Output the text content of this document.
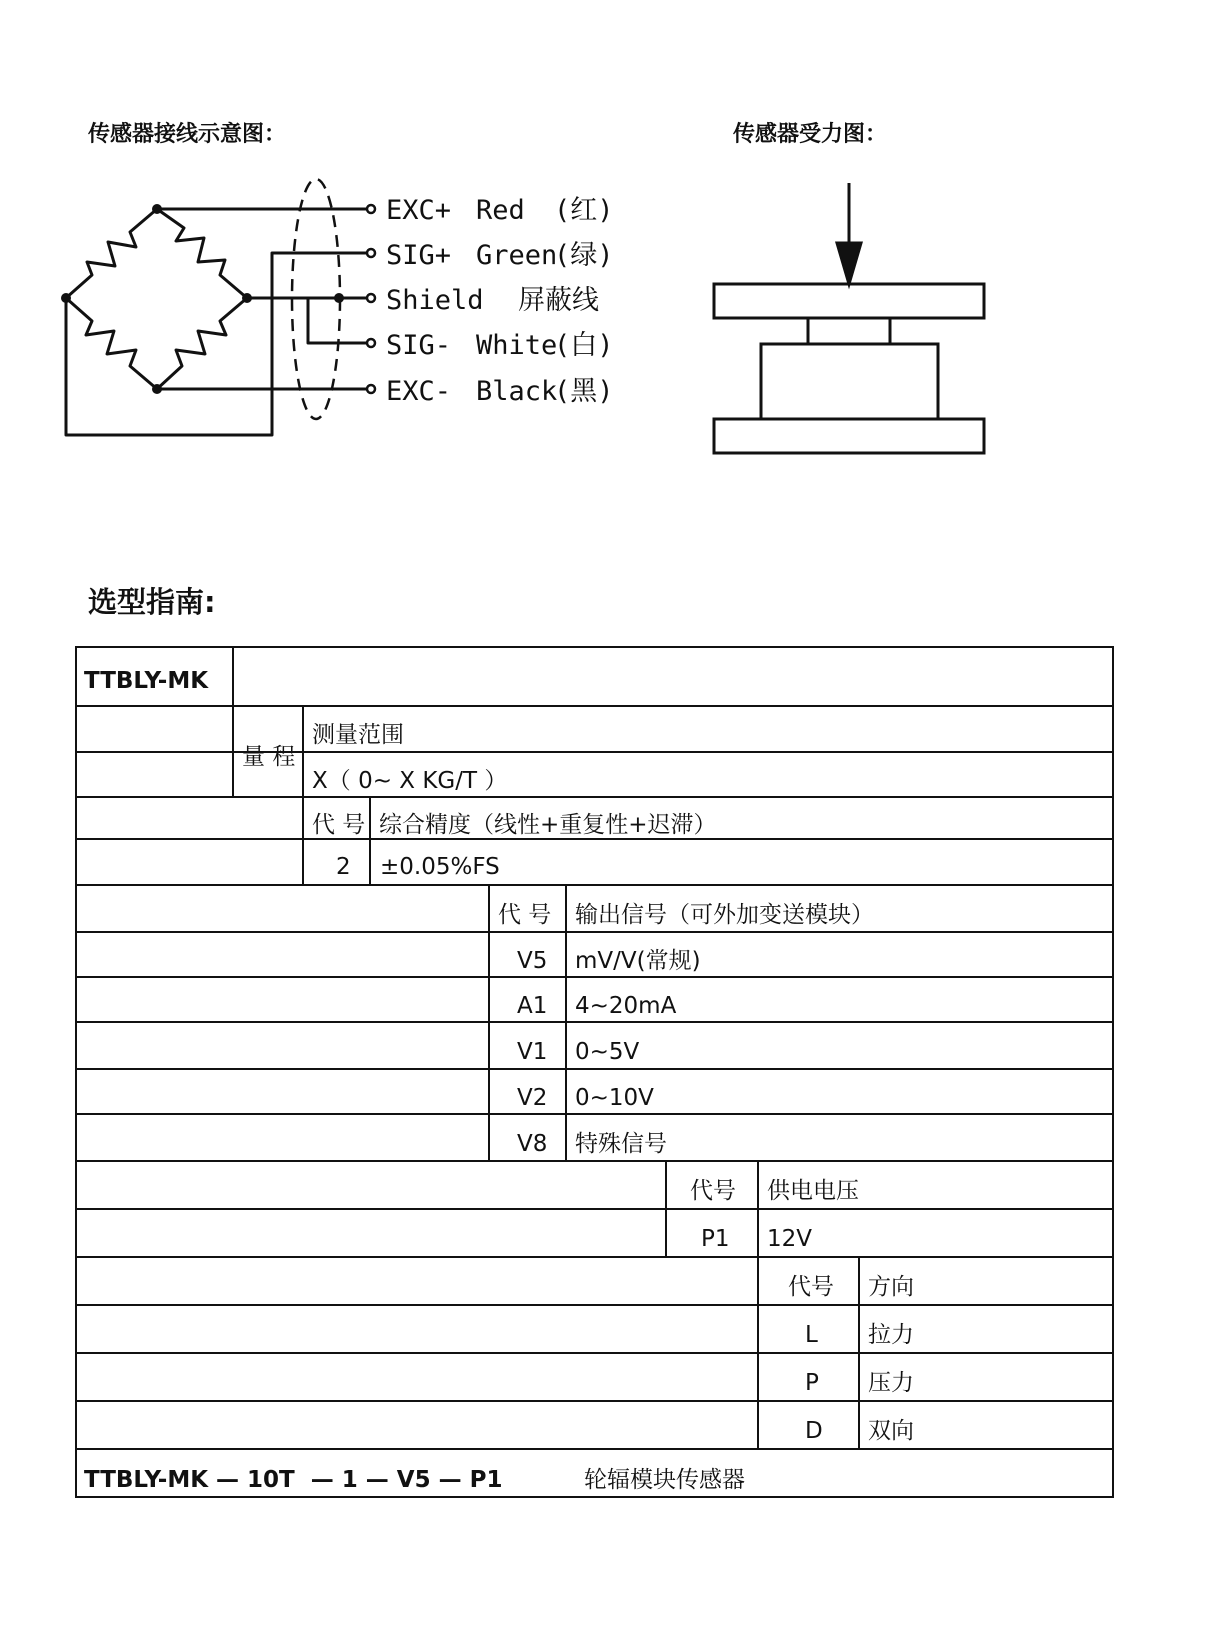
传感器接线示意图：	传感器受力图：
选型指南:
EXC+ Red (红)
SIG+ Green
(绿)
Shield 屏蔽线
SIG- White
(白)
EXC- Black
(黑)
TTBLY-MK
量 程
测量范围
X（ 0~ X KG/T ）
代 号 综合精度（线性+重复性+迟滞）
2 ±0.05%FS
代 号 输出信号（可外加变送模块）
V5 mV/V(常规)
A1 4~20mA
V1 0~5V
V2 0~10V
V8 特殊信号
代号 供电电压
P1 12V
代号 方向
L 拉力
P 压力
D 双向
TTBLY-MK — 10T  — 1 — V5 — P1	轮辐模块传感器
